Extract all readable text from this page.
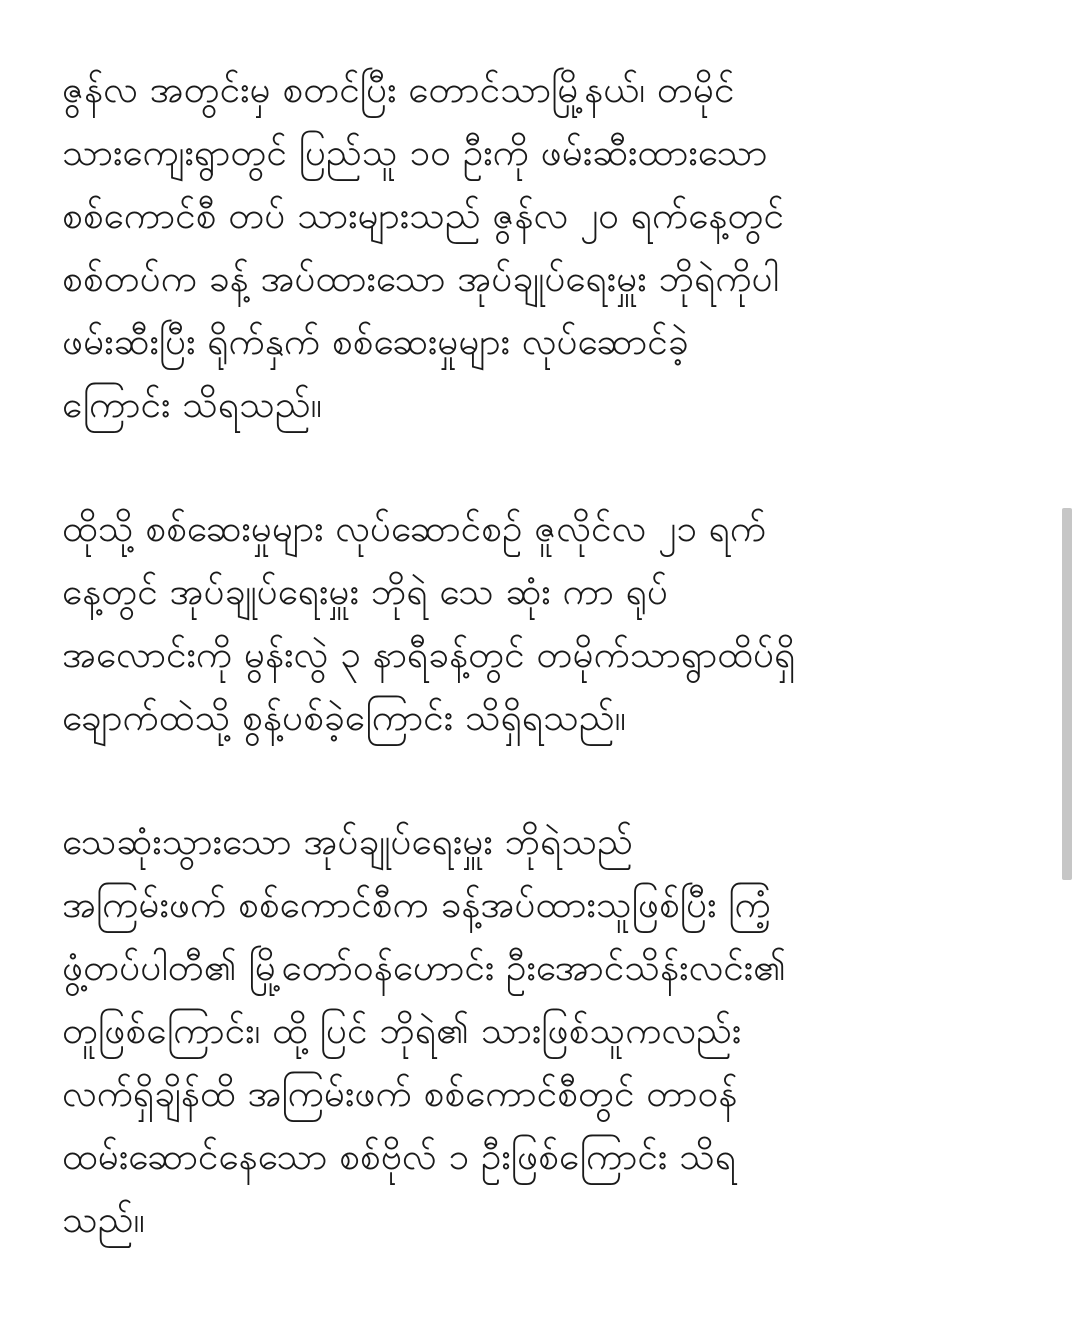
ဇွန်လ အတွင်းမှ စတင်ပြီး တောင်သာမြို့နယ်၊ တမိုင်
သားကျေးရွာတွင် ပြည်သူ ၁၀ ဦးကို ဖမ်းဆီးထားသော
စစ်ကောင်စီ တပ် သားများသည် ဇွန်လ ၂၀ ရက်နေ့တွင်
စစ်တပ်က ခန့် အပ်ထားသော အုပ်ချုပ်ရေးမှူး ဘိုရဲကိုပါ
ဖမ်းဆီးပြီး ရိုက်နှက် စစ်ဆေးမှုများ လုပ်ဆောင်ခဲ့
ကြောင်း သိရသည်။

ထိုသို့ စစ်ဆေးမှုများ လုပ်ဆောင်စဉ် ဇူလိုင်လ ၂၁ ရက်
နေ့တွင် အုပ်ချုပ်ရေးမှူး ဘိုရဲ သေ ဆုံး ကာ ရုပ်
အလောင်းကို မွန်းလွဲ ၃ နာရီခန့်တွင် တမိုက်သာရွာထိပ်ရှိ
ချောက်ထဲသို့ စွန့်ပစ်ခဲ့ကြောင်း သိရှိရသည်။

သေဆုံးသွားသော အုပ်ချုပ်ရေးမှူး ဘိုရဲသည်
အကြမ်းဖက် စစ်ကောင်စီက ခန့်အပ်ထားသူဖြစ်ပြီး ကြံ့
ဖွံ့တပ်ပါတီ၏ မြို့တော်ဝန်ဟောင်း ဦးအောင်သိန်းလင်း၏
တူဖြစ်ကြောင်း၊ ထို့ ပြင် ဘိုရဲ၏ သားဖြစ်သူကလည်း
လက်ရှိချိန်ထိ အကြမ်းဖက် စစ်ကောင်စီတွင် တာဝန်
ထမ်းဆောင်နေသော စစ်ဗိုလ် ၁ ဦးဖြစ်ကြောင်း သိရ
သည်။
